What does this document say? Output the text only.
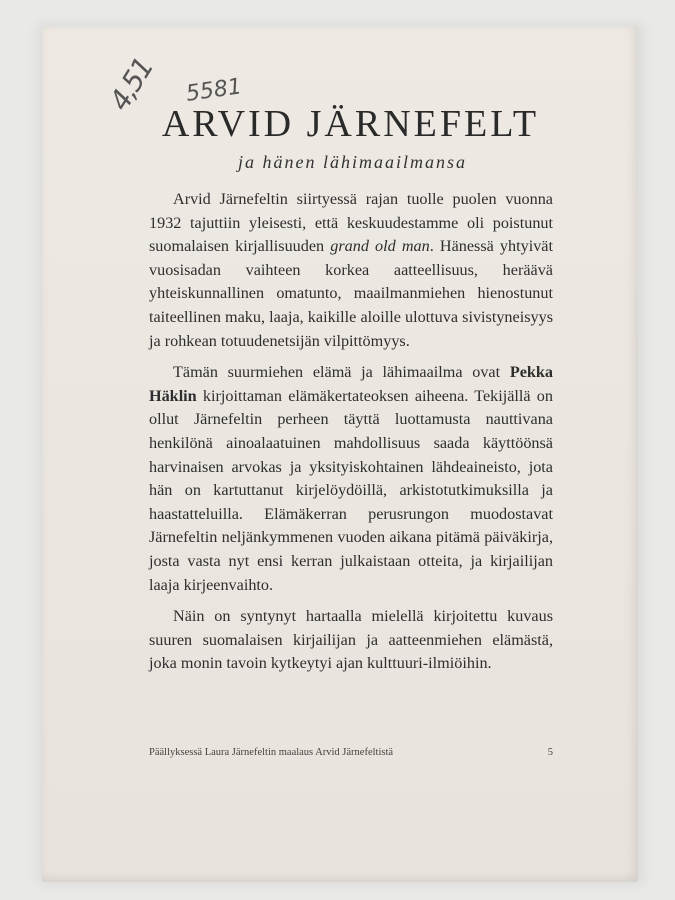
4,51 5581
ARVID JÄRNEFELT
ja hänen lähimaailmansa

Arvid Järnefeltin siirtyessä rajan tuolle puolen vuonna 1932 tajuttiin yleisesti, että keskuudestamme oli poistunut suomalaisen kirjallisuuden grand old man. Hänessä yhtyivät vuosisadan vaihteen korkea aatteellisuus, heräävä yhteiskunnallinen omatunto, maailmanmiehen hienostunut taiteellinen maku, laaja, kaikille aloille ulottuva sivistyneisyys ja rohkean totuudenetsijän vilpittömyys.

Tämän suurmiehen elämä ja lähimaailma ovat Pekka Häklin kirjoittaman elämäkertateoksen aiheena. Tekijällä on ollut Järnefeltin perheen täyttä luottamusta nauttivana henkilönä ainoalaatuinen mahdollisuus saada käyttöönsä harvinaisen arvokas ja yksityiskohtainen lähdeaineisto, jota hän on kartuttanut kirjelöydöillä, arkistotutkimuksilla ja haastatteluilla. Elämäkerran perusrungon muodostavat Järnefeltin neljänkymmenen vuoden aikana pitämä päiväkirja, josta vasta nyt ensi kerran julkaistaan otteita, ja kirjailijan laaja kirjeenvaihto.

Näin on syntynyt hartaalla mielellä kirjoitettu kuvaus suuren suomalaisen kirjailijan ja aatteenmiehen elämästä, joka monin tavoin kytkeytyi ajan kulttuuri-ilmiöihin.

Päällyksessä Laura Järnefeltin maalaus Arvid Järnefeltistä	5
